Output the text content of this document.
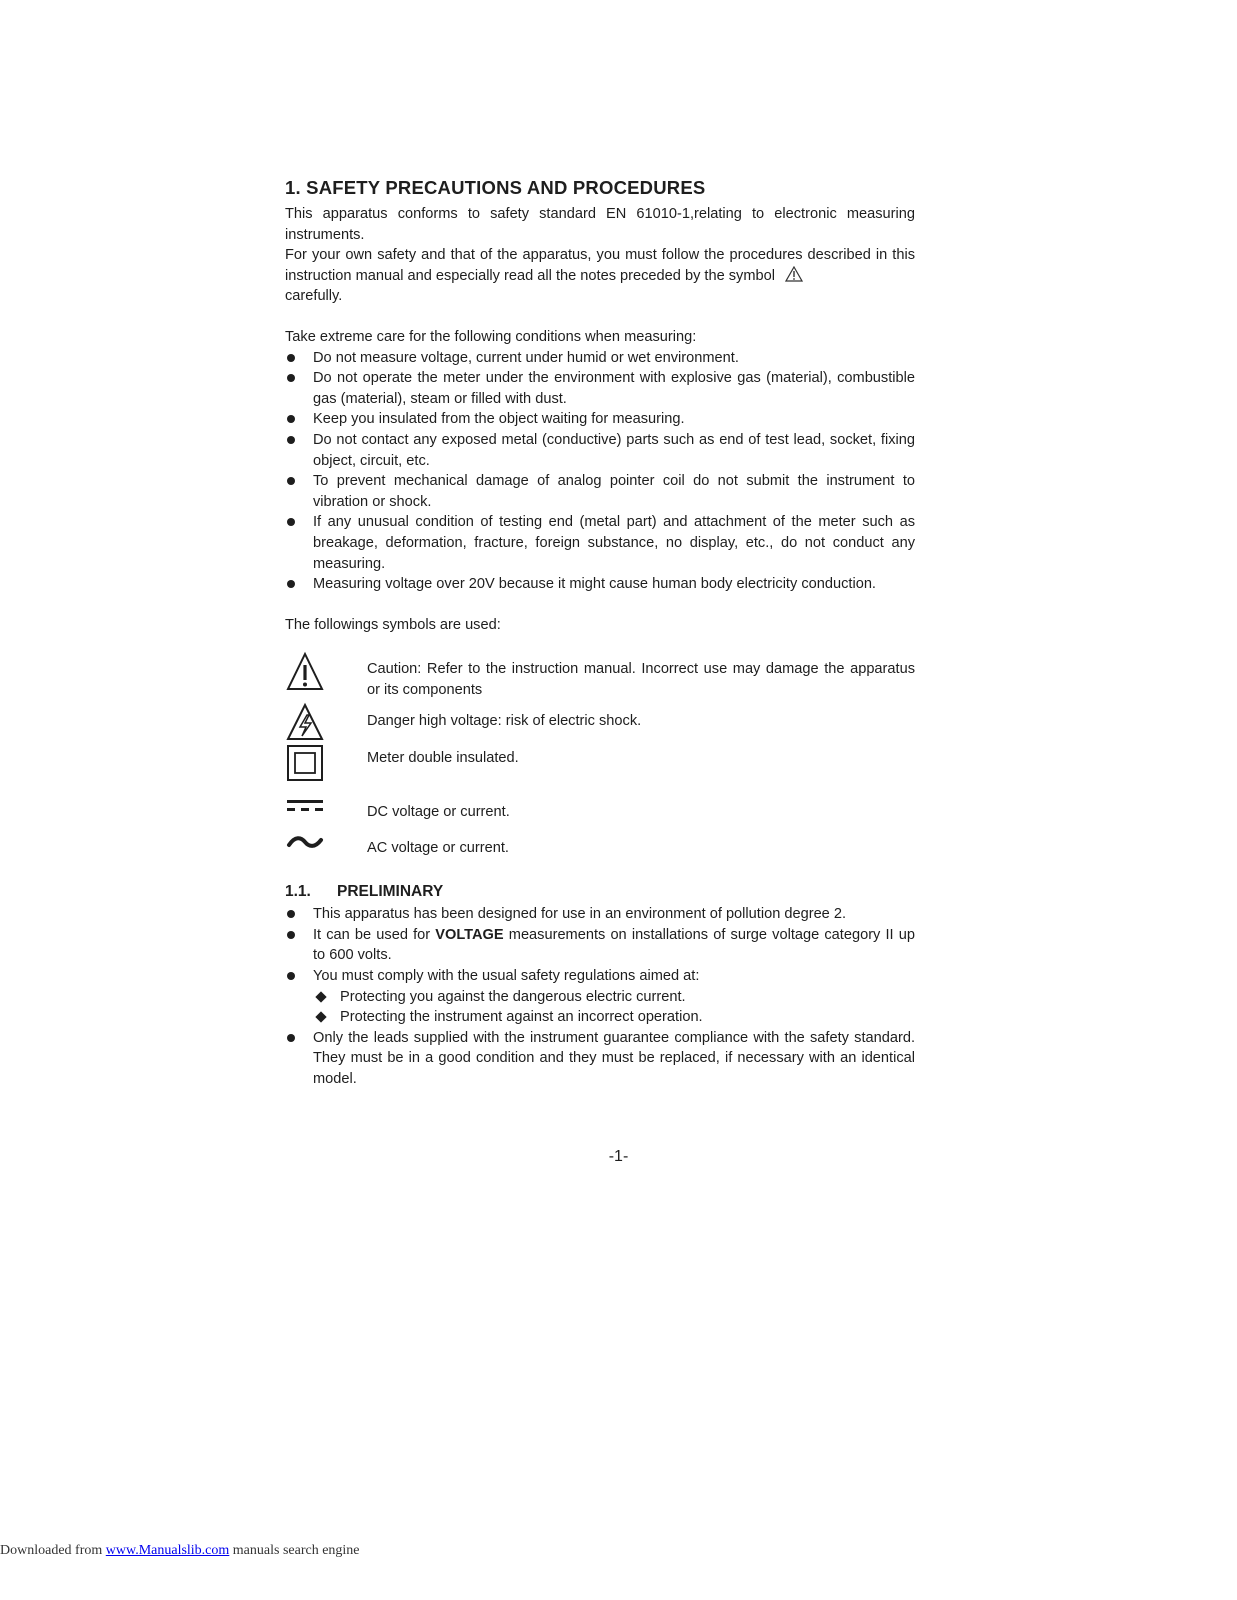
1. SAFETY PRECAUTIONS AND PROCEDURES

This apparatus conforms to safety standard EN 61010-1,relating to electronic measuring instruments.

For your own safety and that of the apparatus, you must follow the procedures described in this instruction manual and especially read all the notes preceded by the symbol
carefully.

Take extreme care for the following conditions when measuring:

Do not measure voltage, current under humid or wet environment.
Do not operate the meter under the environment with explosive gas (material), combustible gas (material), steam or filled with dust.
Keep you insulated from the object waiting for measuring.
Do not contact any exposed metal (conductive) parts such as end of test lead, socket, fixing object, circuit, etc.
To prevent mechanical damage of analog pointer coil do not submit the instrument to vibration or shock.
If any unusual condition of testing end (metal part) and attachment of the meter such as breakage, deformation, fracture, foreign substance, no display, etc., do not conduct any measuring.
Measuring voltage over 20V because it might cause human body electricity conduction.

The followings symbols are used:

Caution: Refer to the instruction manual. Incorrect use may damage the apparatus or its components
Danger high voltage: risk of electric shock.
Meter double insulated.
DC voltage or current.
AC voltage or current.
1.1. PRELIMINARY
This apparatus has been designed for use in an environment of pollution degree 2.
It can be used for VOLTAGE measurements on installations of surge voltage category II up to 600 volts.
You must comply with the usual safety regulations aimed at:
Protecting you against the dangerous electric current.
Protecting the instrument against an incorrect operation.
Only the leads supplied with the instrument guarantee compliance with the safety standard. They must be in a good condition and they must be replaced, if necessary with an identical model.
-1-
Downloaded from www.Manualslib.com manuals search engine
